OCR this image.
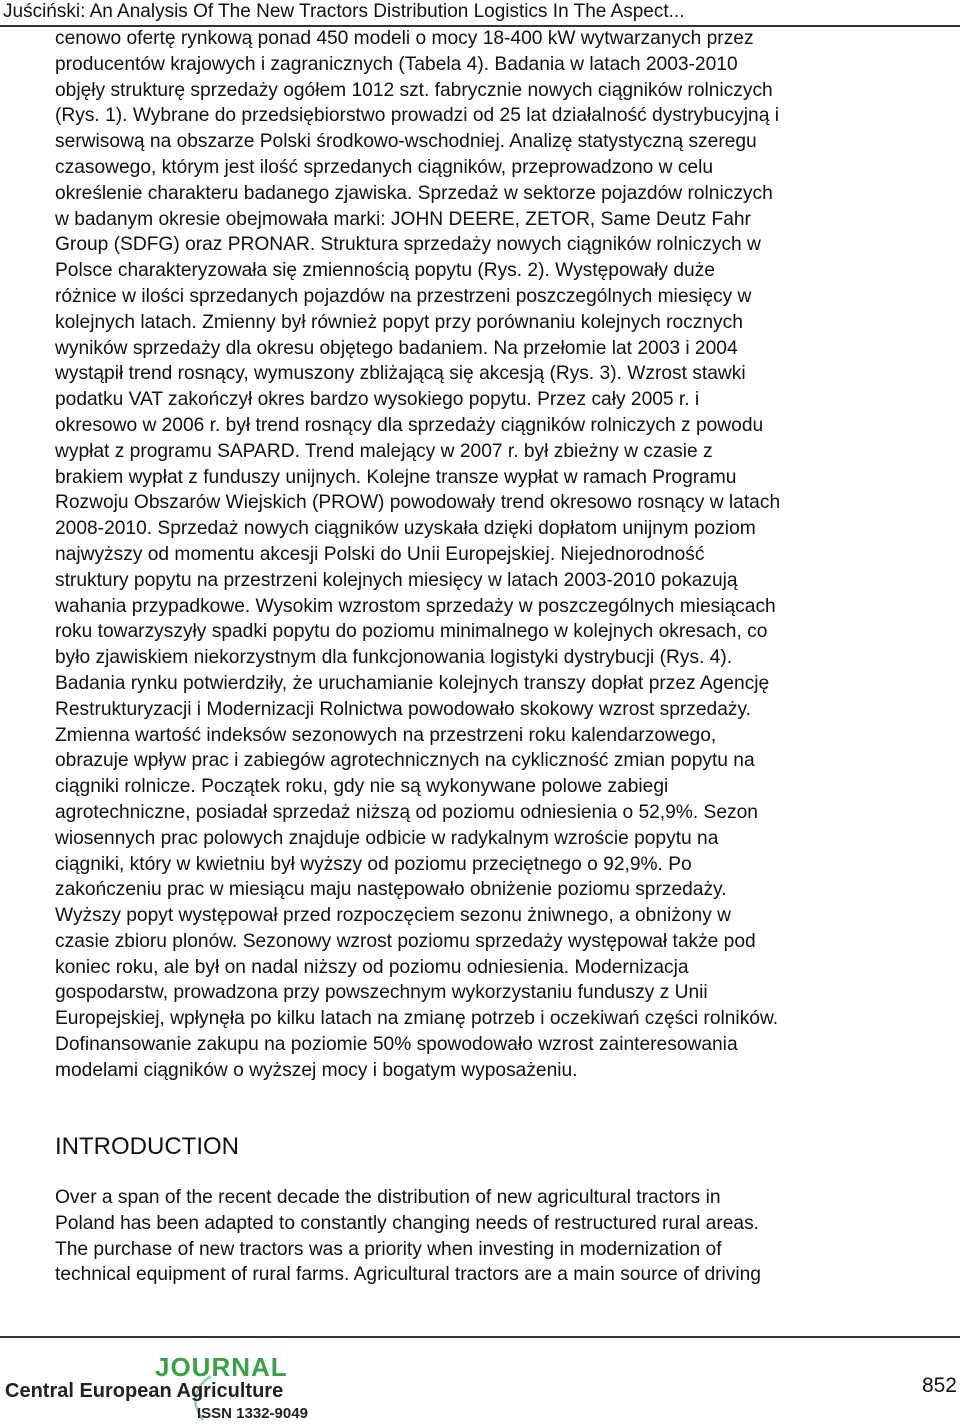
Juściński: An Analysis Of The New Tractors Distribution Logistics In The Aspect...
cenowo ofertę rynkową ponad 450 modeli o mocy 18-400 kW wytwarzanych przez
producentów krajowych i zagranicznych (Tabela 4). Badania w latach 2003-2010
objęły strukturę sprzedaży ogółem 1012 szt. fabrycznie nowych ciągników rolniczych
(Rys. 1). Wybrane do przedsiębiorstwo prowadzi od 25 lat działalność dystrybucyjną i
serwisową na obszarze Polski środkowo-wschodniej. Analizę statystyczną szeregu
czasowego, którym jest ilość sprzedanych ciągników, przeprowadzono w celu
określenie charakteru badanego zjawiska. Sprzedaż w sektorze pojazdów rolniczych
w badanym okresie obejmowała marki: JOHN DEERE, ZETOR, Same Deutz Fahr
Group (SDFG) oraz PRONAR. Struktura sprzedaży nowych ciągników rolniczych w
Polsce charakteryzowała się zmiennością popytu (Rys. 2). Występowały duże
różnice w ilości sprzedanych pojazdów na przestrzeni poszczególnych miesięcy w
kolejnych latach. Zmienny był również popyt przy porównaniu kolejnych rocznych
wyników sprzedaży dla okresu objętego badaniem. Na przełomie lat 2003 i 2004
wystąpił trend rosnący, wymuszony zbliżającą się akcesją (Rys. 3). Wzrost stawki
podatku VAT zakończył okres bardzo wysokiego popytu. Przez cały 2005 r. i
okresowo w 2006 r. był trend rosnący dla sprzedaży ciągników rolniczych z powodu
wypłat z programu SAPARD. Trend malejący w 2007 r. był zbieżny w czasie z
brakiem wypłat z funduszy unijnych. Kolejne transze wypłat w ramach Programu
Rozwoju Obszarów Wiejskich (PROW) powodowały trend okresowo rosnący w latach
2008-2010. Sprzedaż nowych ciągników uzyskała dzięki dopłatom unijnym poziom
najwyższy od momentu akcesji Polski do Unii Europejskiej. Niejednorodność
struktury popytu na przestrzeni kolejnych miesięcy w latach 2003-2010 pokazują
wahania przypadkowe. Wysokim wzrostom sprzedaży w poszczególnych miesiącach
roku towarzyszyły spadki popytu do poziomu minimalnego w kolejnych okresach, co
było zjawiskiem niekorzystnym dla funkcjonowania logistyki dystrybucji (Rys. 4).
Badania rynku potwierdziły, że uruchamianie kolejnych transzy dopłat przez Agencję
Restrukturyzacji i Modernizacji Rolnictwa powodowało skokowy wzrost sprzedaży.
Zmienna wartość indeksów sezonowych na przestrzeni roku kalendarzowego,
obrazuje wpływ prac i zabiegów agrotechnicznych na cykliczność zmian popytu na
ciągniki rolnicze. Początek roku, gdy nie są wykonywane polowe zabiegi
agrotechniczne, posiadał sprzedaż niższą od poziomu odniesienia o 52,9%. Sezon
wiosennych prac polowych znajduje odbicie w radykalnym wzroście popytu na
ciągniki, który w kwietniu był wyższy od poziomu przeciętnego o 92,9%. Po
zakończeniu prac w miesiącu maju następowało obniżenie poziomu sprzedaży.
Wyższy popyt występował przed rozpoczęciem sezonu żniwnego, a obniżony w
czasie zbioru plonów. Sezonowy wzrost poziomu sprzedaży występował także pod
koniec roku, ale był on nadal niższy od poziomu odniesienia. Modernizacja
gospodarstw, prowadzona przy powszechnym wykorzystaniu funduszy z Unii
Europejskiej, wpłynęła po kilku latach na zmianę potrzeb i oczekiwań części rolników.
Dofinansowanie zakupu na poziomie 50% spowodowało wzrost zainteresowania
modelami ciągników o wyższej mocy i bogatym wyposażeniu.
INTRODUCTION
Over a span of the recent decade the distribution of new agricultural tractors in
Poland has been adapted to constantly changing needs of restructured rural areas.
The purchase of new tractors was a priority when investing in modernization of
technical equipment of rural farms. Agricultural tractors are a main source of driving
JOURNAL
Central European Agriculture
ISSN 1332-9049
852
